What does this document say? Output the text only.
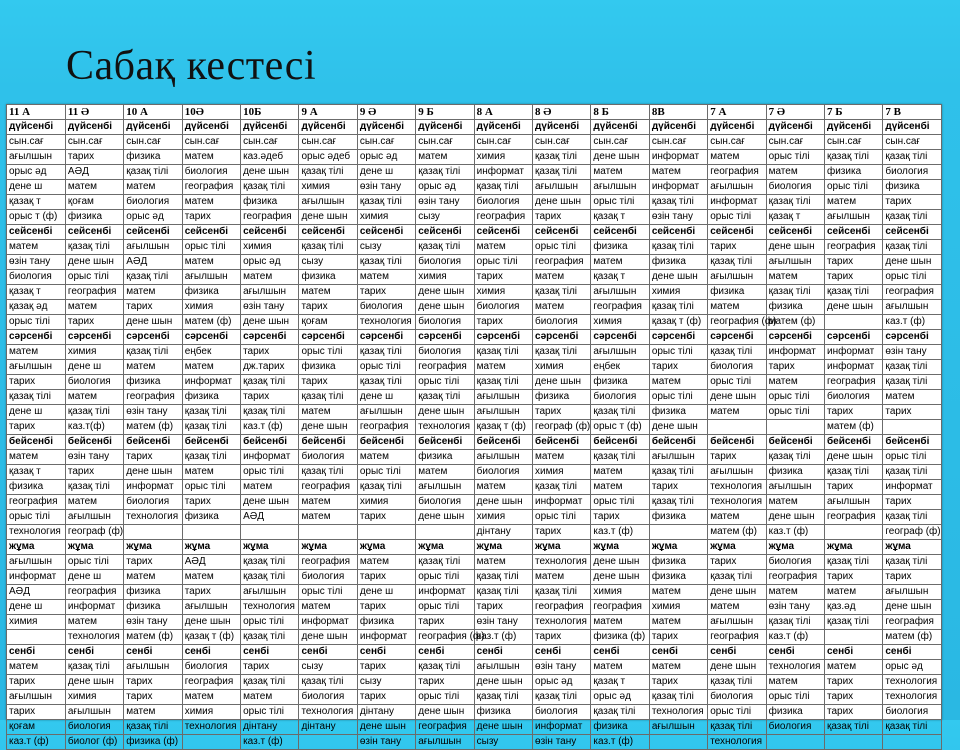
Сабақ кестесі
11 А	11 Ә	10 А	10Ә	10Б	9 А	9 Ә	9 Б	8 А	8 Ә	8 Б	8В	7 А	7 Ә	7 Б	7 В
дүйсенбі	дүйсенбі	дүйсенбі	дүйсенбі	дүйсенбі	дүйсенбі	дүйсенбі	дүйсенбі	дүйсенбі	дүйсенбі	дүйсенбі	дүйсенбі	дүйсенбі	дүйсенбі	дүйсенбі	дүйсенбі
сын.сағ	сын.сағ	сын.сағ	сын.сағ	сын.сағ	сын.сағ	сын.сағ	сын.сағ	сын.сағ	сын.сағ	сын.сағ	сын.сағ	сын.сағ	сын.сағ	сын.сағ	сын.сағ
ағылшын	тарих	физика	матем	каз.әдеб	орыс әдеб	орыс әд	матем	химия	қазақ тілі	дене шын	информат	матем	орыс тілі	қазақ тілі	қазақ тілі
орыс әд	АӘД	қазақ тілі	биология	дене шын	қазақ тілі	дене ш	қазақ тілі	информат	қазақ тілі	матем	матем	география	матем	физика	биология
дене ш	матем	матем	география	қазақ тілі	химия	өзін тану	орыс әд	қазақ тілі	ағылшын	ағылшын	информат	ағылшын	биология	орыс тілі	физика
қазақ т	қоғам	биология	матем	физика	ағылшын	қазақ тілі	өзін тану	биология	дене шын	орыс тілі	қазақ тілі	информат	қазақ тілі	матем	тарих
орыс т (ф)	физика	орыс әд	тарих	география	дене шын	химия	сызу	география	тарих	қазақ т	өзін тану	орыс тілі	қазақ т	ағылшын	қазақ тілі
сейсенбі	сейсенбі	сейсенбі	сейсенбі	сейсенбі	сейсенбі	сейсенбі	сейсенбі	сейсенбі	сейсенбі	сейсенбі	сейсенбі	сейсенбі	сейсенбі	сейсенбі	сейсенбі
матем	қазақ тілі	ағылшын	орыс тілі	химия	қазақ тілі	сызу	қазақ тілі	матем	орыс тілі	физика	қазақ тілі	тарих	дене шын	география	қазақ тілі
өзін тану	дене шын	АӘД	матем	орыс әд	сызу	қазақ тілі	биология	орыс тілі	география	матем	физика	қазақ тілі	ағылшын	тарих	дене шын
биология	орыс тілі	қазақ тілі	ағылшын	матем	физика	матем	химия	тарих	матем	қазақ т	дене шын	ағылшын	матем	тарих	орыс тілі
қазақ т	география	матем	физика	ағылшын	матем	тарих	дене шын	химия	қазақ тілі	ағылшын	химия	физика	қазақ тілі	қазақ тілі	география
қазақ әд	матем	тарих	химия	өзін тану	тарих	биология	дене шын	биология	матем	география	қазақ тілі	матем	физика	дене шын	ағылшын
орыс тілі	тарих	дене шын	матем (ф)	дене шын	қоғам	технология	биология	тарих	биология	химия	қазақ т (ф)	география (ф)	матем (ф)		каз.т (ф)
сәрсенбі	сәрсенбі	сәрсенбі	сәрсенбі	сәрсенбі	сәрсенбі	сәрсенбі	сәрсенбі	сәрсенбі	сәрсенбі	сәрсенбі	сәрсенбі	сәрсенбі	сәрсенбі	сәрсенбі	сәрсенбі
матем	химия	қазақ тілі	еңбек	тарих	орыс тілі	қазақ тілі	биология	қазақ тілі	қазақ тілі	ағылшын	орыс тілі	қазақ тілі	информат	информат	өзін тану
ағылшын	дене ш	матем	матем	дж.тарих	физика	орыс тілі	география	матем	химия	еңбек	тарих	биология	тарих	информат	қазақ тілі
тарих	биология	физика	информат	қазақ тілі	тарих	қазақ тілі	орыс тілі	қазақ тілі	дене шын	физика	матем	орыс тілі	матем	география	қазақ тілі
қазақ тілі	матем	география	физика	тарих	қазақ тілі	дене ш	қазақ тілі	ағылшын	физика	биология	орыс тілі	дене шын	орыс тілі	биология	матем
дене ш	қазақ тілі	өзін тану	қазақ тілі	қазақ тілі	матем	ағылшын	дене шын	ағылшын	тарих	қазақ тілі	физика	матем	орыс тілі	тарих	тарих
тарих	каз.т(ф)	матем (ф)	қазақ тілі	каз.т (ф)	дене шын	география	технология	қазақ т (ф)	географ (ф)	орыс т (ф)	дене шын			матем (ф)	
бейсенбі	бейсенбі	бейсенбі	бейсенбі	бейсенбі	бейсенбі	бейсенбі	бейсенбі	бейсенбі	бейсенбі	бейсенбі	бейсенбі	бейсенбі	бейсенбі	бейсенбі	бейсенбі
матем	өзін тану	тарих	қазақ тілі	информат	биология	матем	физика	ағылшын	матем	қазақ тілі	ағылшын	тарих	қазақ тілі	дене шын	орыс тілі
қазақ т	тарих	дене шын	матем	орыс тілі	қазақ тілі	орыс тілі	матем	биология	химия	матем	қазақ тілі	ағылшын	физика	қазақ тілі	қазақ тілі
физика	қазақ тілі	информат	орыс тілі	матем	география	қазақ тілі	ағылшын	матем	қазақ тілі	матем	тарих	технология	ағылшын	тарих	информат
география	матем	биология	тарих	дене шын	матем	химия	биология	дене шын	информат	орыс тілі	қазақ тілі	технология	матем	ағылшын	тарих
орыс тілі	ағылшын	технология	физика	АӘД	матем	тарих	дене шын	химия	орыс тілі	тарих	физика	матем	дене шын	география	қазақ тілі
технология	географ (ф)							дінтану	тарих	каз.т (ф)		матем (ф)	каз.т (ф)		географ (ф)
жұма	жұма	жұма	жұма	жұма	жұма	жұма	жұма	жұма	жұма	жұма	жұма	жұма	жұма	жұма	жұма
ағылшын	орыс тілі	тарих	АӘД	қазақ тілі	география	матем	қазақ тілі	матем	технология	дене шын	физика	тарих	биология	қазақ тілі	қазақ тілі
информат	дене ш	матем	матем	қазақ тілі	биология	тарих	орыс тілі	қазақ тілі	матем	дене шын	физика	қазақ тілі	география	тарих	тарих
АӘД	география	физика	тарих	ағылшын	орыс тілі	дене ш	информат	қазақ тілі	қазақ тілі	химия	матем	дене шын	матем	матем	ағылшын
дене ш	информат	физика	ағылшын	технология	матем	тарих	орыс тілі	тарих	география	география	химия	матем	өзін тану	қаз.әд	дене шын
химия	матем	өзін тану	дене шын	орыс тілі	информат	физика	тарих	өзін тану	технология	матем	матем	ағылшын	қазақ тілі	қазақ тілі	география
	технология	матем (ф)	қазақ т (ф)	қазақ тілі	дене шын	информат	география (ф)	каз.т (ф)	тарих	физика (ф)	тарих	география	каз.т (ф)		матем (ф)
сенбі	сенбі	сенбі	сенбі	сенбі	сенбі	сенбі	сенбі	сенбі	сенбі	сенбі	сенбі	сенбі	сенбі	сенбі	сенбі
матем	қазақ тілі	ағылшын	биология	тарих	сызу	тарих	қазақ тілі	ағылшын	өзін тану	матем	матем	дене шын	технология	матем	орыс әд
тарих	дене шын	тарих	география	қазақ тілі	қазақ тілі	сызу	тарих	дене шын	орыс әд	қазақ т	тарих	қазақ тілі	матем	тарих	технология
ағылшын	химия	тарих	матем	матем	биология	тарих	орыс тілі	қазақ тілі	қазақ тілі	орыс әд	қазақ тілі	биология	орыс тілі	тарих	технология
тарих	ағылшын	матем	химия	орыс тілі	технология	дінтану	дене шын	физика	биология	қазақ тілі	технология	орыс тілі	физика	тарих	биология
қоғам	биология	қазақ тілі	технология	дінтану	дінтану	дене шын	география	дене шын	информат	физика	ағылшын	қазақ тілі	биология	қазақ тілі	қазақ тілі
каз.т (ф)	биолог (ф)	физика (ф)		каз.т (ф)		өзін тану	ағылшын	сызу	өзін тану	каз.т (ф)		технология			
